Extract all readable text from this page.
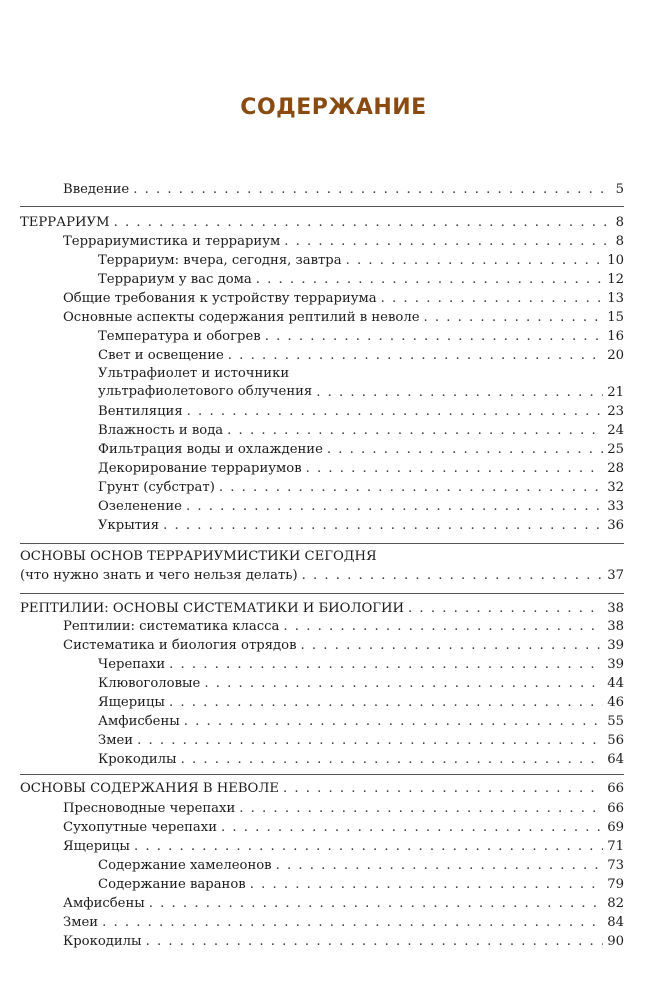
СОДЕРЖАНИЕ
Введение . . .	5
ТЕРРАРИУМ . . .	8
Террариумистика и террариум . . .	8
Террариум: вчера, сегодня, завтра . . .	10
Террариум у вас дома . . .	12
Общие требования к устройству террариума . . .	13
Основные аспекты содержания рептилий в неволе . . .	15
Температура и обогрев . . .	16
Свет и освещение . . .	20
Ультрафиолет и источники
ультрафиолетового облучения . . .	21
Вентиляция . . .	23
Влажность и вода . . .	24
Фильтрация воды и охлаждение . . .	25
Декорирование террариумов . . .	28
Грунт (субстрат) . . .	32
Озеленение . . .	33
Укрытия . . .	36
ОСНОВЫ ОСНОВ ТЕРРАРИУМИСТИКИ СЕГОДНЯ
(что нужно знать и чего нельзя делать) . . .	37
РЕПТИЛИИ: ОСНОВЫ СИСТЕМАТИКИ И БИОЛОГИИ . . .	38
Рептилии: систематика класса . . .	38
Систематика и биология отрядов . . .	39
Черепахи . . .	39
Клювоголовые . . .	44
Ящерицы . . .	46
Амфисбены . . .	55
Змеи . . .	56
Крокодилы . . .	64
ОСНОВЫ СОДЕРЖАНИЯ В НЕВОЛЕ . . .	66
Пресноводные черепахи . . .	66
Сухопутные черепахи . . .	69
Ящерицы . . .	71
Содержание хамелеонов . . .	73
Содержание варанов . . .	79
Амфисбены . . .	82
Змеи . . .	84
Крокодилы . . .	90
